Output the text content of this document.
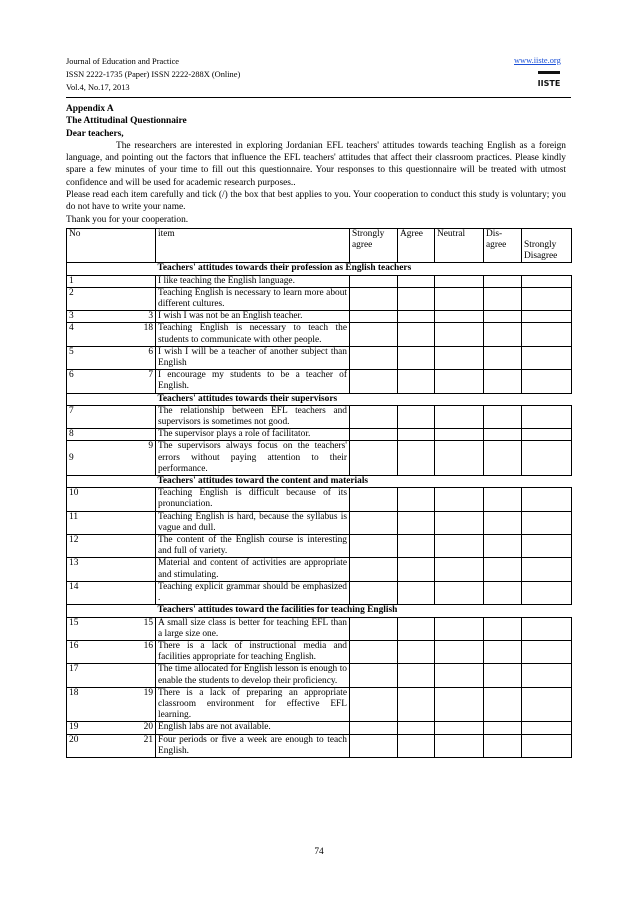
Journal of Education and Practice
ISSN 2222-1735 (Paper) ISSN 2222-288X (Online)
Vol.4, No.17, 2013
www.iiste.org
IISTE

Appendix A

The Attitudinal Questionnaire

Dear teachers,

The researchers are interested in exploring Jordanian EFL teachers' attitudes towards teaching English as a foreign language, and pointing out the factors that influence the EFL teachers' attitudes that affect their classroom practices. Please kindly spare a few minutes of your time to fill out this questionnaire. Your responses to this questionnaire will be treated with utmost confidence and will be used for academic research purposes..

Please read each item carefully and tick (/) the box that best applies to you. Your cooperation to conduct this study is voluntary; you do not have to write your name.

Thank you for your cooperation.

No	item	Strongly agree	Agree	Neutral	Dis-agree	Strongly Disagree
	Teachers' attitudes towards their profession as English teachers					

1	I like teaching the English language.					

2	Teaching English is necessary to learn more about different cultures.					

3 3	I wish I was not be an English teacher.					

4 18	Teaching English is necessary to teach the students to communicate with other people.					

5 6	I wish I will be a teacher of another subject than English					

6 7	I encourage my students to be a teacher of English.					
	Teachers' attitudes towards their supervisors					

7	The relationship between EFL teachers and supervisors is sometimes not good.					

8	The supervisor plays a role of facilitator.					

9
9	The supervisors always focus on the teachers' errors without paying attention to their performance.					
	Teachers' attitudes toward the content and materials					

10	Teaching English is difficult because of its pronunciation.					

11	Teaching English is hard, because the syllabus is vague and dull.					

12	The content of the English course is interesting and full of variety.					

13	Material and content of activities are appropriate and stimulating.					

14	Teaching explicit grammar should be emphasized .					
	Teachers' attitudes toward the facilities for teaching English					

15 15	A small size class is better for teaching EFL than a large size one.					

16 16	There is a lack of instructional media and facilities appropriate for teaching English.					

17	The time allocated for English lesson is enough to enable the students to develop their proficiency.					

18 19	There is a lack of preparing an appropriate classroom environment for effective EFL learning.					

19 20	English labs are not available.					

20 21	Four periods or five a week are enough to teach English.					
74
